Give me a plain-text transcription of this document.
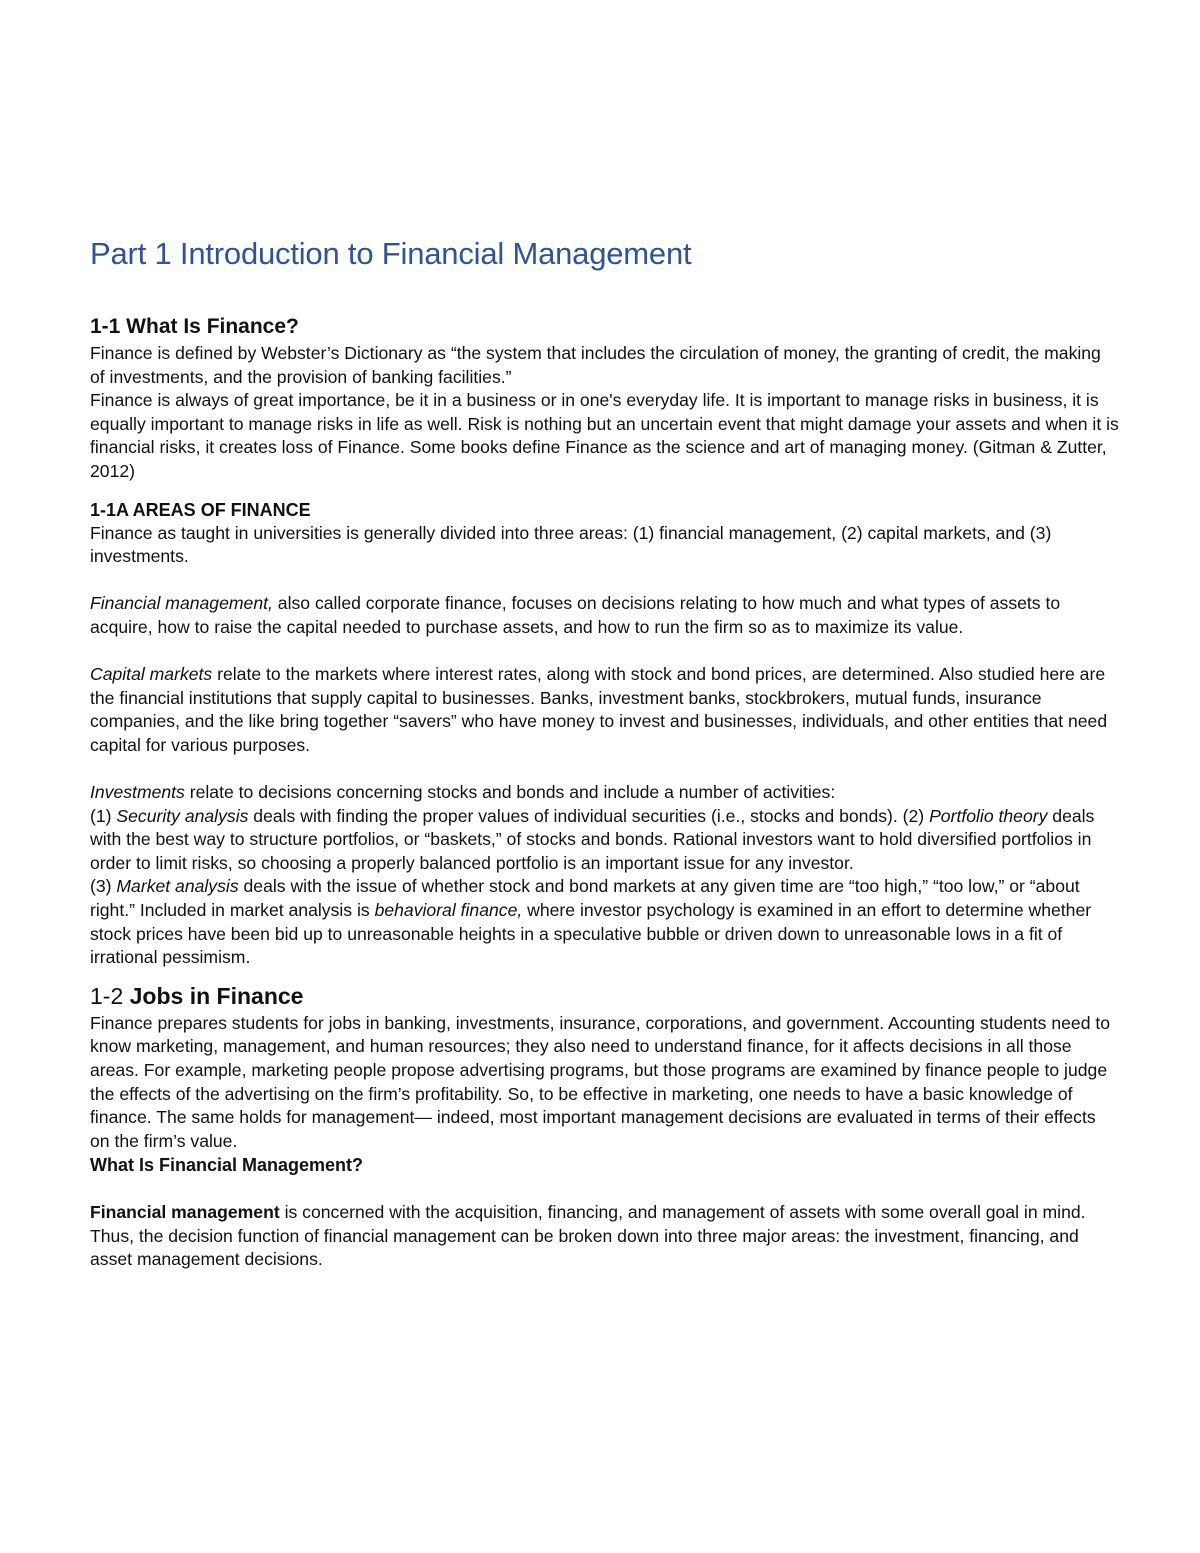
Part 1 Introduction to Financial Management
1-1 What Is Finance?

Finance is defined by Webster’s Dictionary as “the system that includes the circulation of money, the granting of credit, the making of investments, and the provision of banking facilities.”

Finance is always of great importance, be it in a business or in one's everyday life. It is important to manage risks in business, it is equally important to manage risks in life as well. Risk is nothing but an uncertain event that might damage your assets and when it is financial risks, it creates loss of Finance. Some books define Finance as the science and art of managing money. (Gitman & Zutter, 2012)

1-1A AREAS OF FINANCE

Finance as taught in universities is generally divided into three areas: (1) financial management, (2) capital markets, and (3) investments.

Financial management, also called corporate finance, focuses on decisions relating to how much and what types of assets to acquire, how to raise the capital needed to purchase assets, and how to run the firm so as to maximize its value.

Capital markets relate to the markets where interest rates, along with stock and bond prices, are determined. Also studied here are the financial institutions that supply capital to businesses. Banks, investment banks, stockbrokers, mutual funds, insurance companies, and the like bring together “savers” who have money to invest and businesses, individuals, and other entities that need capital for various purposes.

Investments relate to decisions concerning stocks and bonds and include a number of activities:

(1) Security analysis deals with finding the proper values of individual securities (i.e., stocks and bonds). (2) Portfolio theory deals with the best way to structure portfolios, or “baskets,” of stocks and bonds. Rational investors want to hold diversified portfolios in order to limit risks, so choosing a properly balanced portfolio is an important issue for any investor.

(3) Market analysis deals with the issue of whether stock and bond markets at any given time are “too high,” “too low,” or “about right.” Included in market analysis is behavioral finance, where investor psychology is examined in an effort to determine whether stock prices have been bid up to unreasonable heights in a speculative bubble or driven down to unreasonable lows in a fit of irrational pessimism.

1-2 Jobs in Finance

Finance prepares students for jobs in banking, investments, insurance, corporations, and government. Accounting students need to know marketing, management, and human resources; they also need to understand finance, for it affects decisions in all those areas. For example, marketing people propose advertising programs, but those programs are examined by finance people to judge the effects of the advertising on the firm’s profitability. So, to be effective in marketing, one needs to have a basic knowledge of finance. The same holds for management— indeed, most important management decisions are evaluated in terms of their effects on the firm’s value.

What Is Financial Management?

Financial management is concerned with the acquisition, financing, and management of assets with some overall goal in mind. Thus, the decision function of financial management can be broken down into three major areas: the investment, financing, and asset management decisions.
